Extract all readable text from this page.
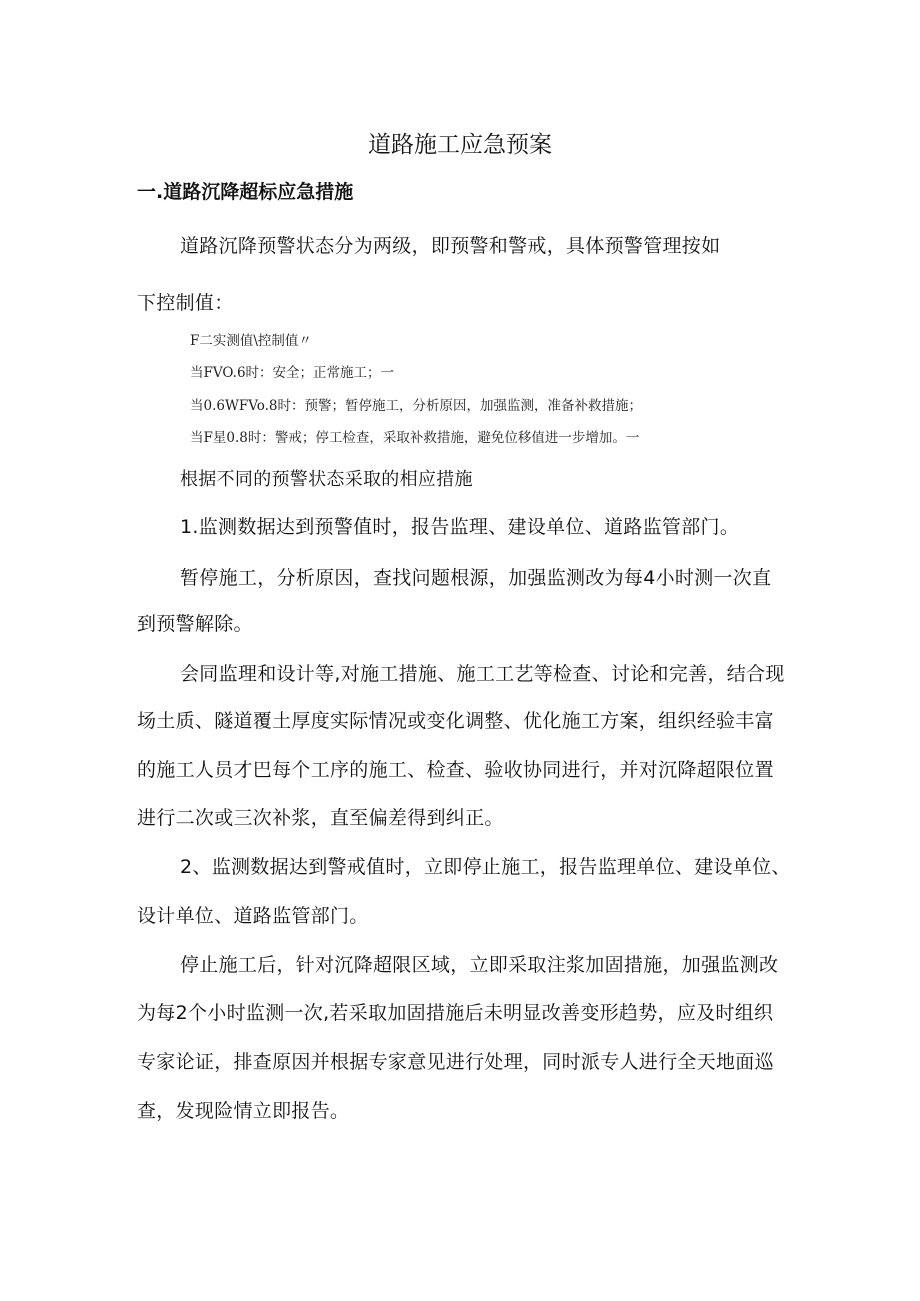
道路施工应急预案
一.道路沉降超标应急措施

道路沉降预警状态分为两级，即预警和警戒，具体预警管理按如

下控制值：

F二实测值\控制值〃

当FVO.6时：安全；正常施工；一

当0.6WFVo.8时：预警；暂停施工，分析原因，加强监测，准备补救措施；

当F星0.8时：警戒；停工检查，采取补救措施，避免位移值进一步增加。一

根据不同的预警状态采取的相应措施

1.监测数据达到预警值时，报告监理、建设单位、道路监管部门。

暂停施工，分析原因，查找问题根源，加强监测改为每4小时测一次直

到预警解除。

会同监理和设计等,对施工措施、施工工艺等检查、讨论和完善，结合现

场土质、隧道覆土厚度实际情况或变化调整、优化施工方案，组织经验丰富

的施工人员才巴每个工序的施工、检查、验收协同进行，并对沉降超限位置

进行二次或三次补浆，直至偏差得到纠正。

2、监测数据达到警戒值时，立即停止施工，报告监理单位、建设单位、

设计单位、道路监管部门。

停止施工后，针对沉降超限区域，立即采取注浆加固措施，加强监测改

为每2个小时监测一次,若采取加固措施后未明显改善变形趋势，应及时组织

专家论证，排查原因并根据专家意见进行处理，同时派专人进行全天地面巡

查，发现险情立即报告。
